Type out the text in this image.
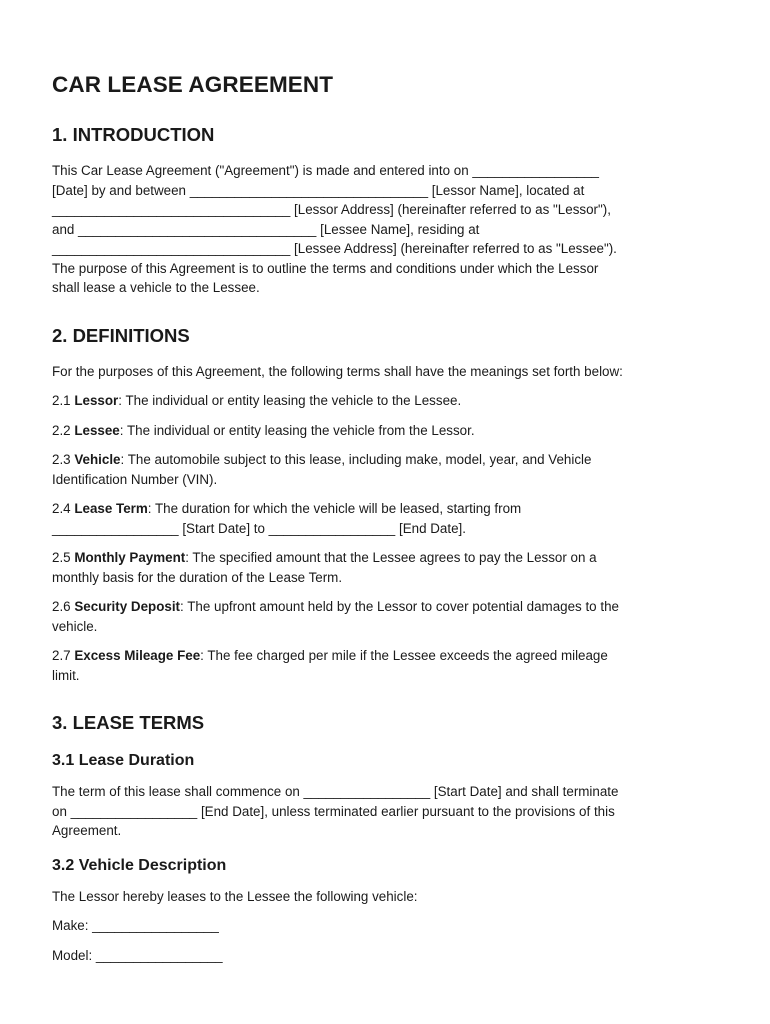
CAR LEASE AGREEMENT
1. INTRODUCTION

This Car Lease Agreement ("Agreement") is made and entered into on _________________
[Date] by and between ________________________________ [Lessor Name], located at
________________________________ [Lessor Address] (hereinafter referred to as "Lessor"),
and ________________________________ [Lessee Name], residing at
________________________________ [Lessee Address] (hereinafter referred to as "Lessee").
The purpose of this Agreement is to outline the terms and conditions under which the Lessor
shall lease a vehicle to the Lessee.

2. DEFINITIONS

For the purposes of this Agreement, the following terms shall have the meanings set forth below:

2.1 Lessor: The individual or entity leasing the vehicle to the Lessee.

2.2 Lessee: The individual or entity leasing the vehicle from the Lessor.

2.3 Vehicle: The automobile subject to this lease, including make, model, year, and Vehicle
Identification Number (VIN).

2.4 Lease Term: The duration for which the vehicle will be leased, starting from
_________________ [Start Date] to _________________ [End Date].

2.5 Monthly Payment: The specified amount that the Lessee agrees to pay the Lessor on a
monthly basis for the duration of the Lease Term.

2.6 Security Deposit: The upfront amount held by the Lessor to cover potential damages to the
vehicle.

2.7 Excess Mileage Fee: The fee charged per mile if the Lessee exceeds the agreed mileage
limit.

3. LEASE TERMS
3.1 Lease Duration

The term of this lease shall commence on _________________ [Start Date] and shall terminate
on _________________ [End Date], unless terminated earlier pursuant to the provisions of this
Agreement.

3.2 Vehicle Description

The Lessor hereby leases to the Lessee the following vehicle:

Make: _________________

Model: _________________
